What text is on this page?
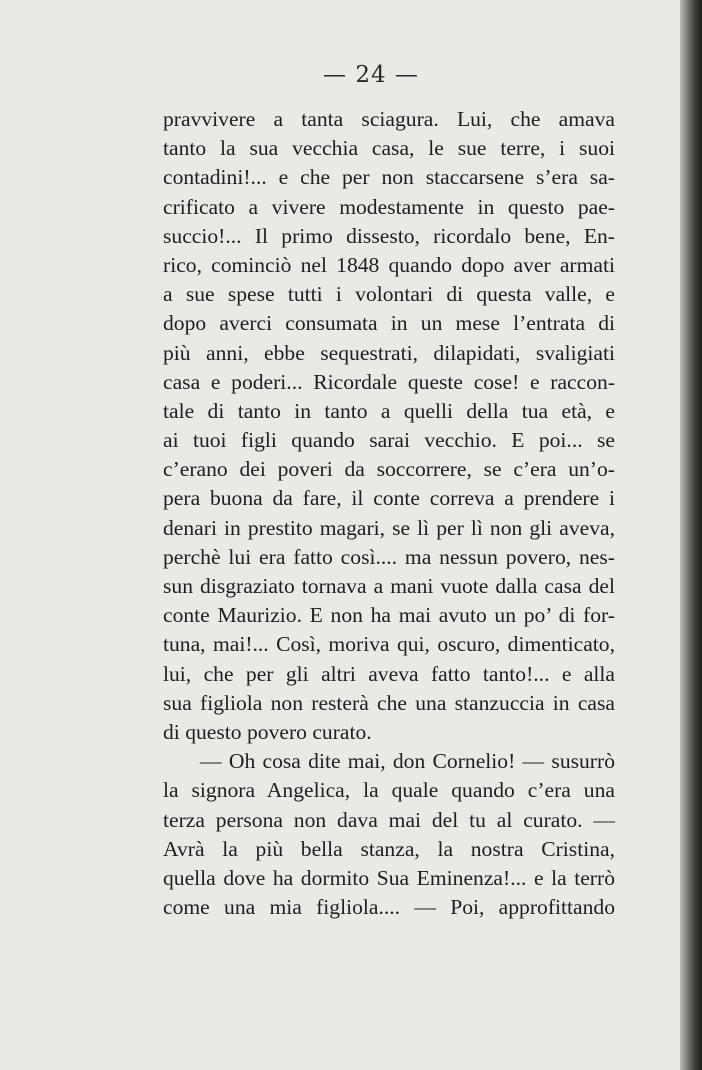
— 24 —
pravvivere a tanta sciagura. Lui, che amava
tanto la sua vecchia casa, le sue terre, i suoi
contadini!... e che per non staccarsene s’era sa-
crificato a vivere modestamente in questo pae-
succio!... Il primo dissesto, ricordalo bene, En-
rico, cominciò nel 1848 quando dopo aver armati
a sue spese tutti i volontari di questa valle, e
dopo averci consumata in un mese l’entrata di
più anni, ebbe sequestrati, dilapidati, svaligiati
casa e poderi... Ricordale queste cose! e raccon-
tale di tanto in tanto a quelli della tua età, e
ai tuoi figli quando sarai vecchio. E poi... se
c’erano dei poveri da soccorrere, se c’era un’o-
pera buona da fare, il conte correva a prendere i
denari in prestito magari, se lì per lì non gli aveva,
perchè lui era fatto così.... ma nessun povero, nes-
sun disgraziato tornava a mani vuote dalla casa del
conte Maurizio. E non ha mai avuto un po’ di for-
tuna, mai!... Così, moriva qui, oscuro, dimenticato,
lui, che per gli altri aveva fatto tanto!... e alla
sua figliola non resterà che una stanzuccia in casa
di questo povero curato.
— Oh cosa dite mai, don Cornelio! — susurrò
la signora Angelica, la quale quando c’era una
terza persona non dava mai del tu al curato. —
Avrà la più bella stanza, la nostra Cristina,
quella dove ha dormito Sua Eminenza!... e la terrò
come una mia figliola.... — Poi, approfittando
